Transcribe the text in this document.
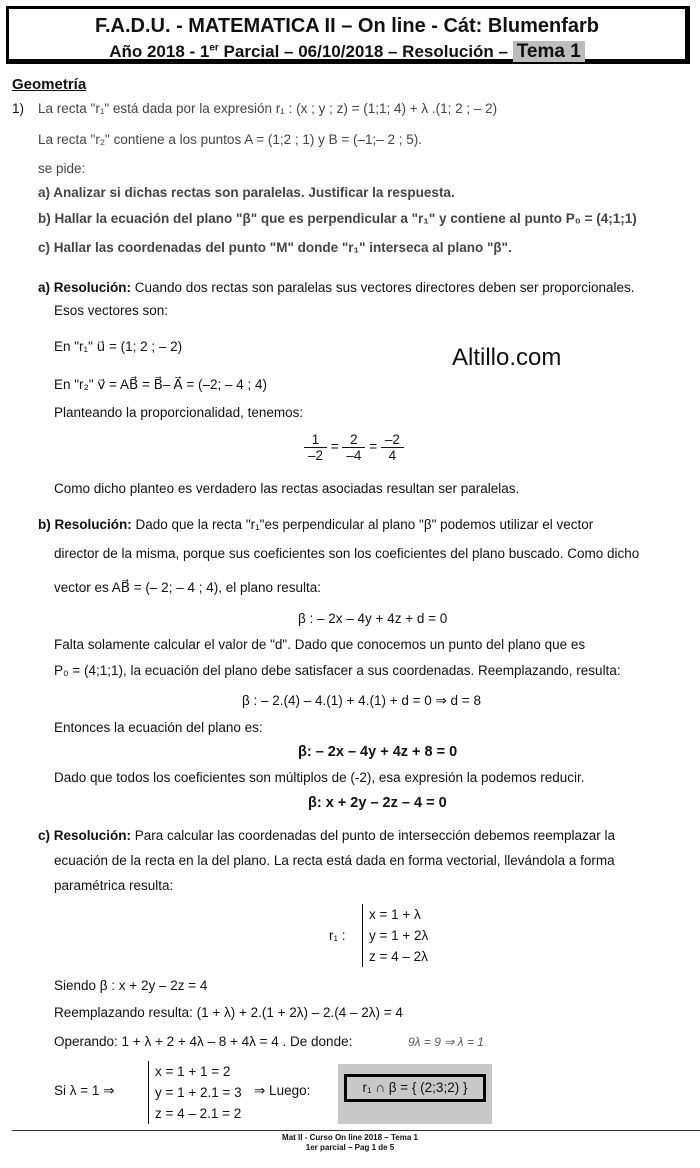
F.A.D.U. - MATEMATICA II – On line - Cát: Blumenfarb
Año 2018 - 1er Parcial – 06/10/2018 – Resolución – Tema 1
Geometría
1) La recta "r₁" está dada por la expresión r₁ : (x ; y ; z) = (1;1; 4) + λ .(1; 2 ; – 2)
La recta "r₂" contiene a los puntos A = (1;2 ; 1) y B = (–1;– 2 ; 5).
se pide:
a) Analizar si dichas rectas son paralelas. Justificar la respuesta.
b) Hallar la ecuación del plano "β" que es perpendicular a "r₁" y contiene al punto P₀ = (4;1;1)
c) Hallar las coordenadas del punto "M" donde "r₁" interseca al plano "β".
a) Resolución: Cuando dos rectas son paralelas sus vectores directores deben ser proporcionales.
Esos vectores son:
En "r₁" u⃗ = (1; 2 ; – 2)
En "r₂" v⃗ = AB⃗ = B⃗– A⃗ = (–2; – 4 ; 4)
Altillo.com
Planteando la proporcionalidad, tenemos:
$\frac{1}{-2} = \frac{2}{-4} = \frac{-2}{4}$
Como dicho planteo es verdadero las rectas asociadas resultan ser paralelas.
b) Resolución: Dado que la recta "r₁"es perpendicular al plano "β" podemos utilizar el vector
director de la misma, porque sus coeficientes son los coeficientes del plano buscado. Como dicho
vector es AB⃗ = (– 2; – 4 ; 4), el plano resulta:
β : – 2x – 4y + 4z + d = 0
Falta solamente calcular el valor de "d". Dado que conocemos un punto del plano que es
P₀ = (4;1;1), la ecuación del plano debe satisfacer a sus coordenadas. Reemplazando, resulta:
β : – 2.(4) – 4.(1) + 4.(1) + d = 0 ⇒ d = 8
Entonces la ecuación del plano es:
β: – 2x – 4y + 4z + 8 = 0
Dado que todos los coeficientes son múltiplos de (-2), esa expresión la podemos reducir.
β: x + 2y – 2z – 4 = 0
c) Resolución: Para calcular las coordenadas del punto de intersección debemos reemplazar la
ecuación de la recta en la del plano. La recta está dada en forma vectorial, llevándola a forma
paramétrica resulta:
r₁ :
x = 1 + λ
y = 1 + 2λ
z = 4 – 2λ
Siendo β : x + 2y – 2z = 4
Reemplazando resulta: (1 + λ) + 2.(1 + 2λ) – 2.(4 – 2λ) = 4
Operando: 1 + λ + 2 + 4λ – 8 + 4λ = 4 . De donde:	9λ = 9 ⇒ λ = 1
Si λ = 1 ⇒
x = 1 + 1 = 2
y = 1 + 2.1 = 3
z = 4 – 2.1 = 2
⇒ Luego:	r₁ ∩ β = { (2;3;2) }
Mat II - Curso On line 2018 – Tema 1
1er parcial – Pag 1 de 5
